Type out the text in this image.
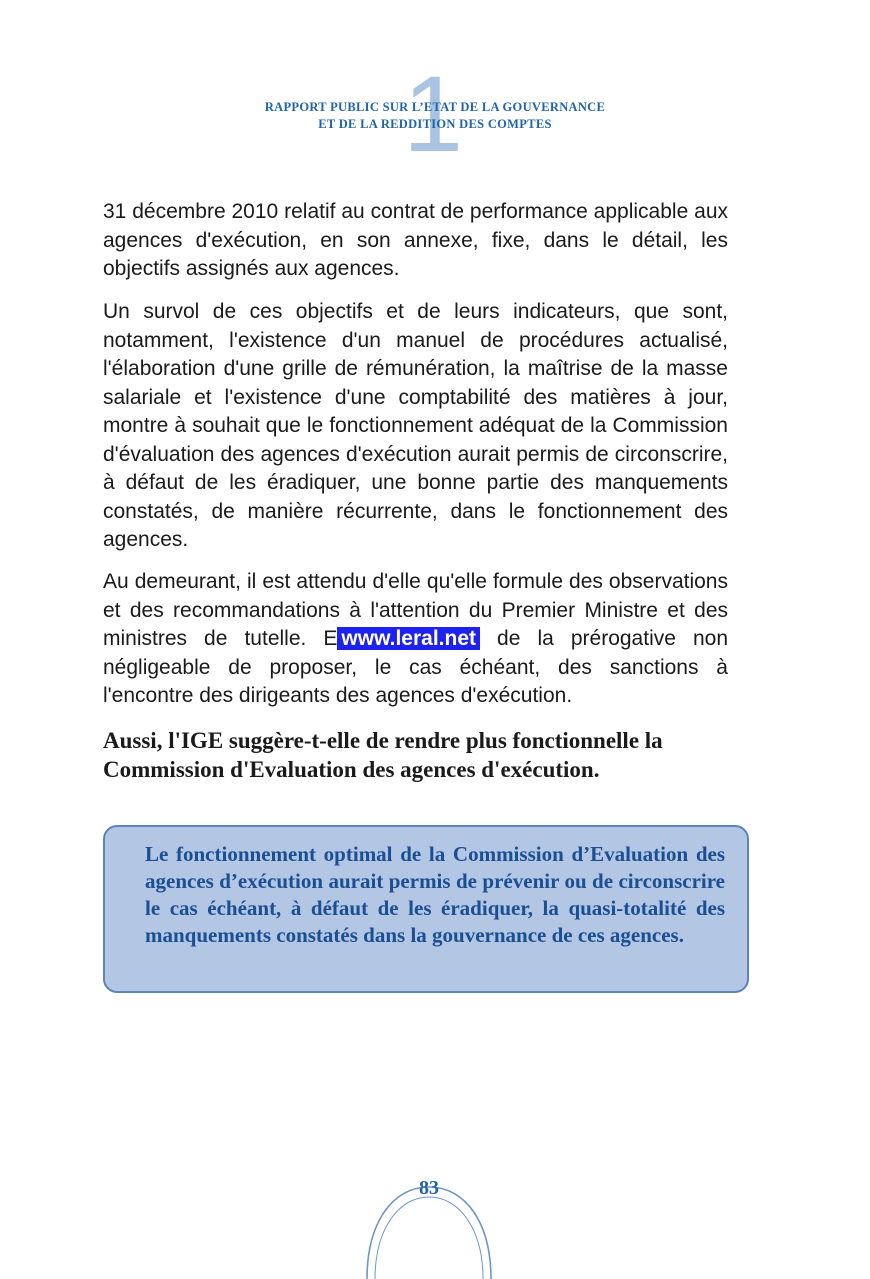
1
RAPPORT PUBLIC SUR L’ETAT DE LA GOUVERNANCE
ET DE LA REDDITION DES COMPTES

31 décembre 2010 relatif au contrat de performance applicable aux agences d'exécution, en son annexe, fixe, dans le détail, les objectifs assignés aux agences.

Un survol de ces objectifs et de leurs indicateurs, que sont, notamment, l'existence d'un manuel de procédures actualisé, l'élaboration d'une grille de rémunération, la maîtrise de la masse salariale et l'existence d'une comptabilité des matières à jour, montre à souhait que le fonctionnement adéquat de la Commission d'évaluation des agences d'exécution aurait permis de circonscrire, à défaut de les éradiquer, une bonne partie des manquements constatés, de manière récurrente, dans le fonctionnement des agences.

Au demeurant, il est attendu d'elle qu'elle formule des observations et des recommandations à l'attention du Premier Ministre et des ministres de tutelle. E www.leral.net de la prérogative non négligeable de proposer, le cas échéant, des sanctions à l'encontre des dirigeants des agences d'exécution.

Aussi, l'IGE suggère-t-elle de rendre plus fonctionnelle la Commission d'Evaluation des agences d'exécution.

Le fonctionnement optimal de la Commission d’Evaluation des agences d’exécution aurait permis de prévenir ou de circonscrire le cas échéant, à défaut de les éradiquer, la quasi-totalité des manquements constatés dans la gouvernance de ces agences.

83
